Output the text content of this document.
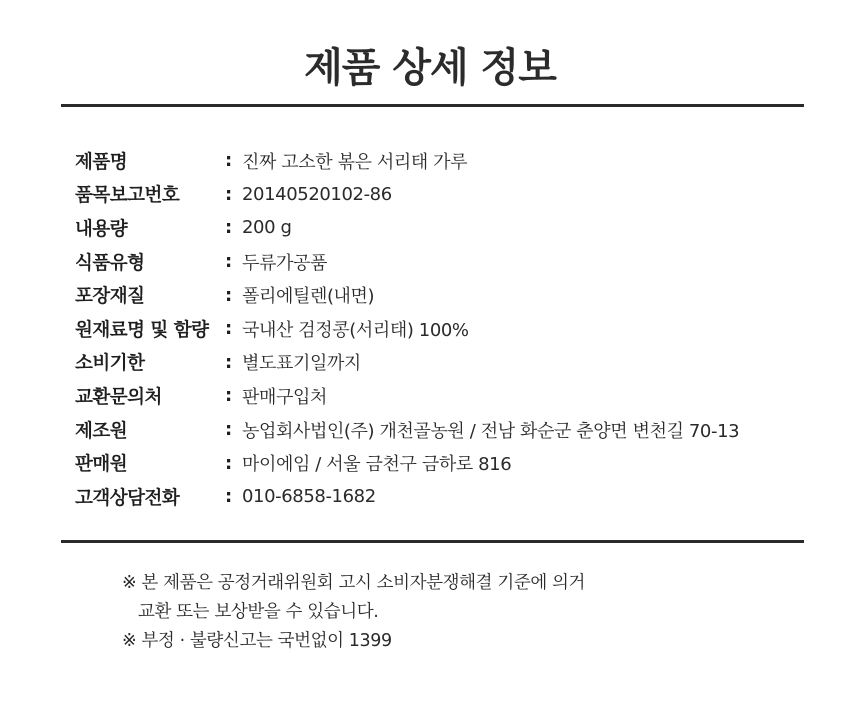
제품 상세 정보
제품명	: 진짜 고소한 볶은 서리태 가루
품목보고번호	: 20140520102-86
내용량	: 200 g
식품유형	: 두류가공품
포장재질	: 폴리에틸렌(내면)
원재료명 및 함량 : 국내산 검정콩(서리태) 100%
소비기한	: 별도표기일까지
교환문의처	: 판매구입처
제조원	: 농업회사법인(주) 개천골농원 / 전남 화순군 춘양면 변천길 70-13
판매원	: 마이에임 / 서울 금천구 금하로 816
고객상담전화	: 010-6858-1682
※ 본 제품은 공정거래위원회 고시 소비자분쟁해결 기준에 의거
교환 또는 보상받을 수 있습니다.
※ 부정 · 불량신고는 국번없이 1399
